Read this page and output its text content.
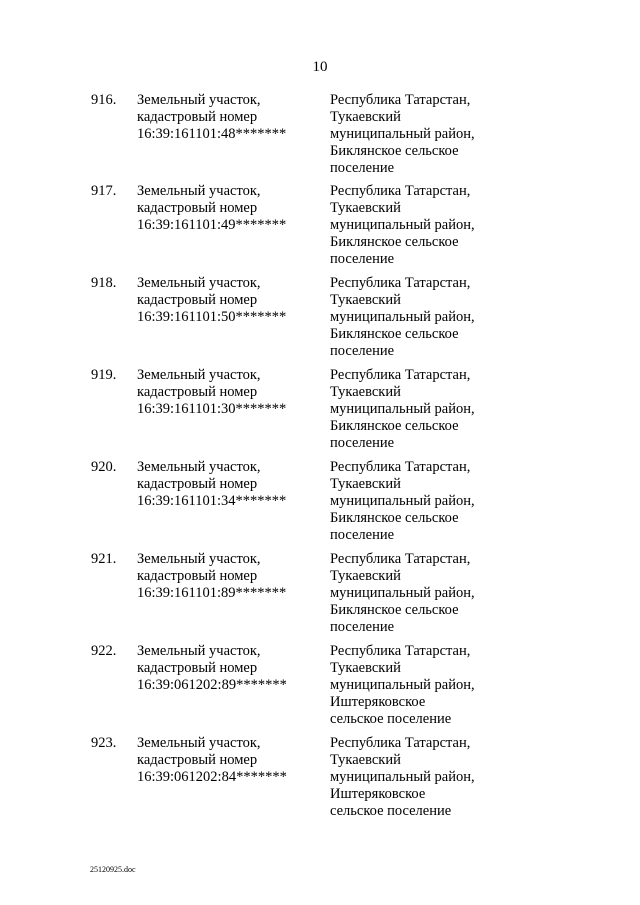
10
916. Земельный участок,
кадастровый номер
16:39:161101:48*******
Республика Татарстан,
Тукаевский
муниципальный район,
Биклянское сельское
поселение
917. Земельный участок,
кадастровый номер
16:39:161101:49*******
Республика Татарстан,
Тукаевский
муниципальный район,
Биклянское сельское
поселение
918. Земельный участок,
кадастровый номер
16:39:161101:50*******
Республика Татарстан,
Тукаевский
муниципальный район,
Биклянское сельское
поселение
919. Земельный участок,
кадастровый номер
16:39:161101:30*******
Республика Татарстан,
Тукаевский
муниципальный район,
Биклянское сельское
поселение
920. Земельный участок,
кадастровый номер
16:39:161101:34*******
Республика Татарстан,
Тукаевский
муниципальный район,
Биклянское сельское
поселение
921. Земельный участок,
кадастровый номер
16:39:161101:89*******
Республика Татарстан,
Тукаевский
муниципальный район,
Биклянское сельское
поселение
922. Земельный участок,
кадастровый номер
16:39:061202:89*******
Республика Татарстан,
Тукаевский
муниципальный район,
Иштеряковское
сельское поселение
923. Земельный участок,
кадастровый номер
16:39:061202:84*******
Республика Татарстан,
Тукаевский
муниципальный район,
Иштеряковское
сельское поселение
25120925.doc
